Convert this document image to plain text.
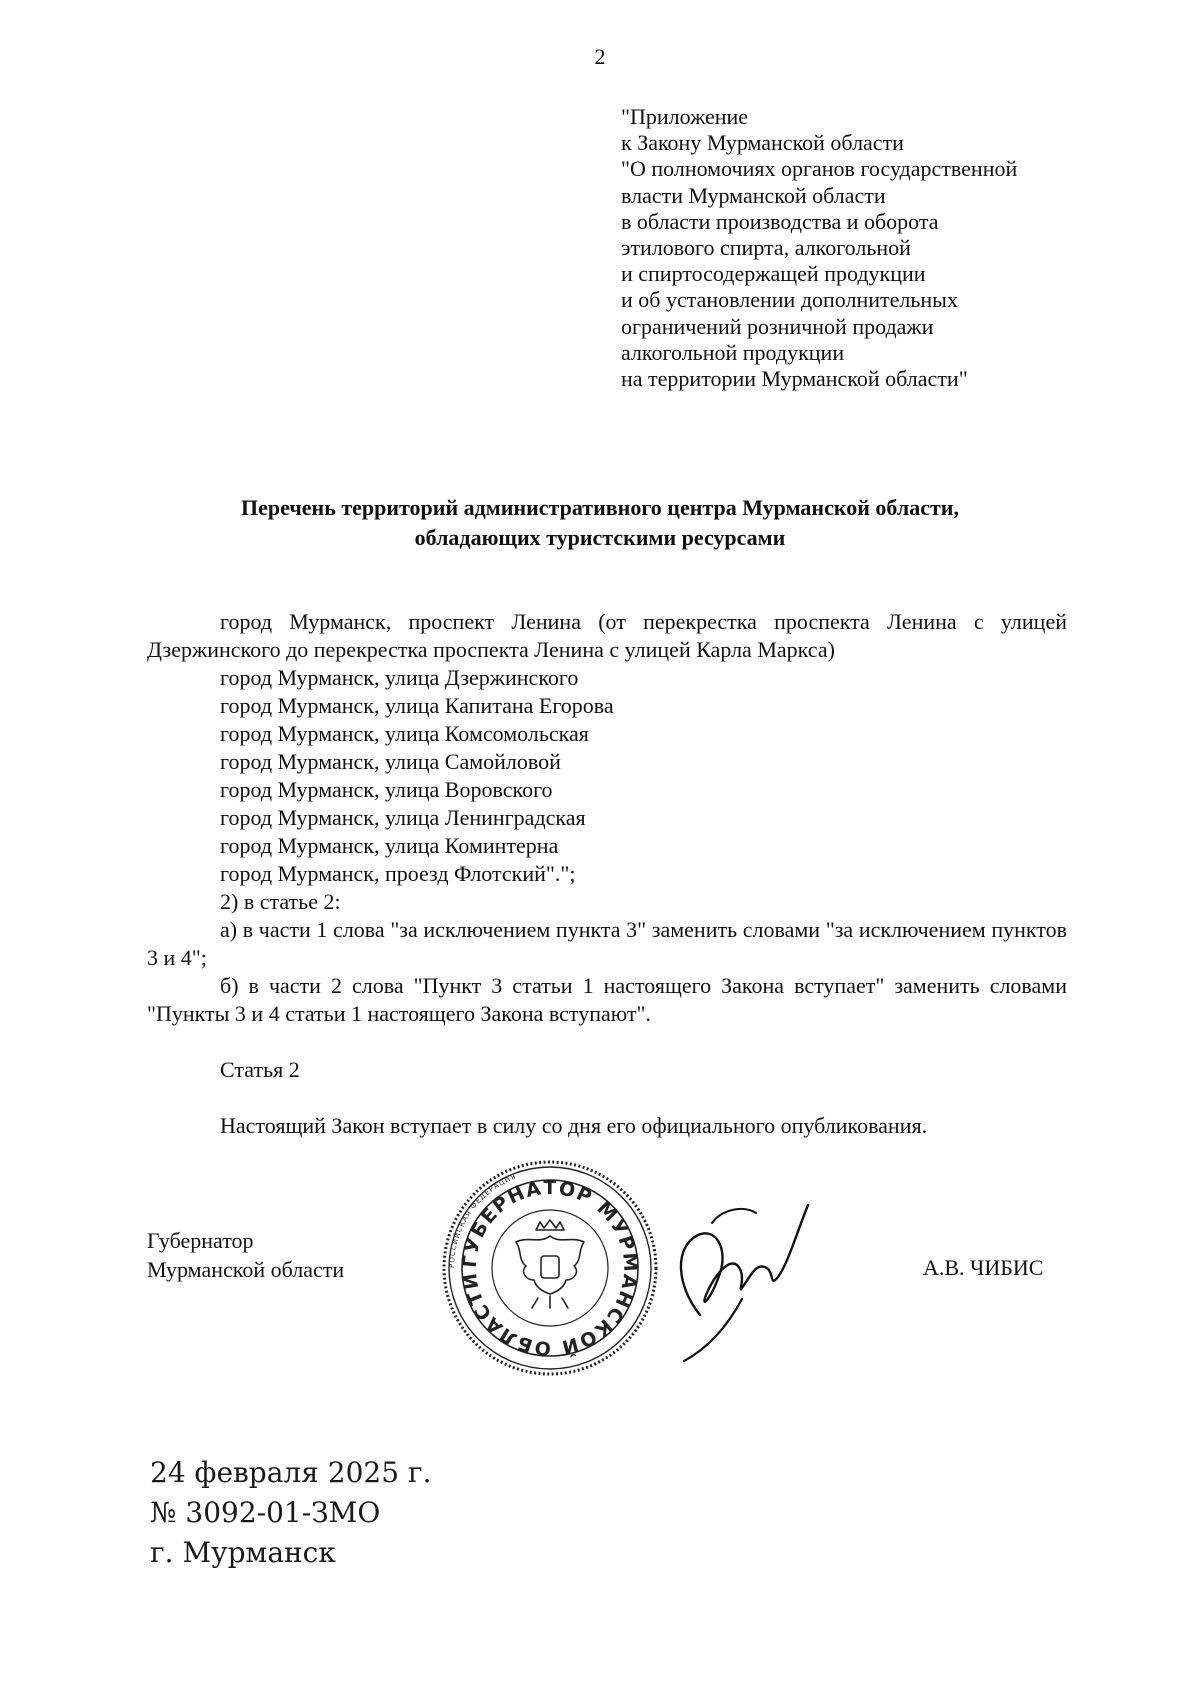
2
"Приложение
к Закону Мурманской области
"О полномочиях органов государственной
власти Мурманской области
в области производства и оборота
этилового спирта, алкогольной
и спиртосодержащей продукции
и об установлении дополнительных
ограничений розничной продажи
алкогольной продукции
на территории Мурманской области"
Перечень территорий административного центра Мурманской области,
обладающих туристскими ресурсами

город Мурманск, проспект Ленина (от перекрестка проспекта Ленина с улицей Дзержинского до перекрестка проспекта Ленина с улицей Карла Маркса)

город Мурманск, улица Дзержинского

город Мурманск, улица Капитана Егорова

город Мурманск, улица Комсомольская

город Мурманск, улица Самойловой

город Мурманск, улица Воровского

город Мурманск, улица Ленинградская

город Мурманск, улица Коминтерна

город Мурманск, проезд Флотский".";

2) в статье 2:

а) в части 1 слова "за исключением пункта 3" заменить словами "за исключением пунктов 3 и 4";

б) в части 2 слова "Пункт 3 статьи 1 настоящего Закона вступает" заменить словами "Пункты 3 и 4 статьи 1 настоящего Закона вступают".

Статья 2

Настоящий Закон вступает в силу со дня его официального опубликования.

Губернатор
Мурманской области	РОССИЙСКАЯ ФЕДЕРАЦИЯ
ГУБЕРНАТОР МУРМАНСКОЙ ОБЛАСТИ
А.В. ЧИБИС
24 февраля 2025 г.
№ 3092-01-ЗМО
г. Мурманск
